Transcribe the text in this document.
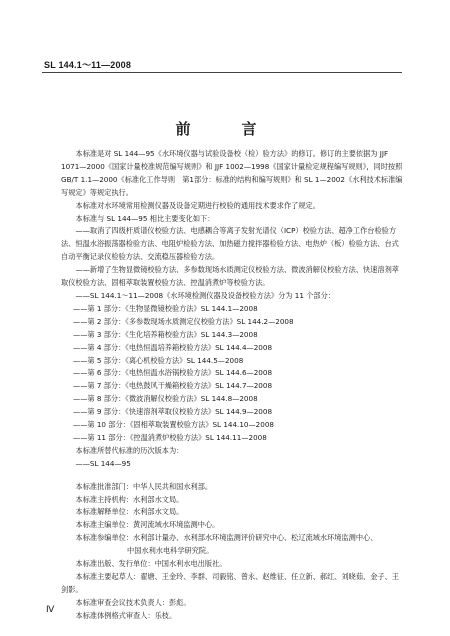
SL 144.1～11—2008
前　言

本标准是对 SL 144—95《水环境仪器与试验设备校（检）验方法》的修订。修订的主要依据为 JJF 1071—2000《国家计量校准规范编写规则》和 JJF 1002—1998《国家计量检定规程编写规则》，同时按照 GB/T 1.1—2000《标准化工作导则　第1部分：标准的结构和编写规则》和 SL 1—2002《水利技术标准编写规定》等规定执行。

本标准对水环境常用检测仪器及设备定期进行校验的通用技术要求作了规定。

本标准与 SL 144—95 相比主要变化如下：

——取消了四级杆质谱仪校验方法、电感耦合等离子发射光谱仪（ICP）校验方法、超净工作台检验方法、恒温水浴振荡器检验方法、电阻炉检验方法、加热磁力搅拌器检验方法、电热炉（板）检验方法、台式自动平衡记录仪检验方法、交流稳压器检验方法。

——新增了生物显微镜校验方法、多参数现场水质测定仪校验方法、微波消解仪校验方法、快速溶剂萃取仪校验方法、固相萃取装置校验方法、控温消煮炉等校验方法。

——SL 144.1～11—2008《水环境检测仪器及设备校验方法》分为 11 个部分：

——第 1 部分：《生物显微镜校验方法》SL 144.1—2008

——第 2 部分：《多参数现场水质测定仪校验方法》SL 144.2—2008

——第 3 部分：《生化培养箱校验方法》SL 144.3—2008

——第 4 部分：《电热恒温培养箱校验方法》SL 144.4—2008

——第 5 部分：《离心机校验方法》SL 144.5—2008

——第 6 部分：《电热恒温水浴锅校验方法》SL 144.6—2008

——第 7 部分：《电热鼓风干燥箱校验方法》SL 144.7—2008

——第 8 部分：《微波消解仪校验方法》SL 144.8—2008

——第 9 部分：《快速溶剂萃取仪校验方法》SL 144.9—2008

——第 10 部分：《固相萃取装置校验方法》SL 144.10—2008

——第 11 部分：《控温消煮炉校验方法》SL 144.11—2008

本标准所替代标准的历次版本为：

——SL 144—95

本标准批准部门：中华人民共和国水利部。

本标准主持机构：水利部水文局。

本标准解释单位：水利部水文局。

本标准主编单位：黄河流域水环境监测中心。

本标准参编单位：水利部计量办、水利部水环境监测评价研究中心、松辽流域水环境监测中心、

中国水利水电科学研究院。

本标准出版、发行单位：中国水利水电出版社。

本标准主要起草人：翟塘、王金玲、李群、司毅铭、曾永、赵维征、任立新、郝红、刘晓茹、金子、王剑影。

本标准审查会议技术负责人：彭彪。

本标准体例格式审查人：乐枝。

Ⅳ
